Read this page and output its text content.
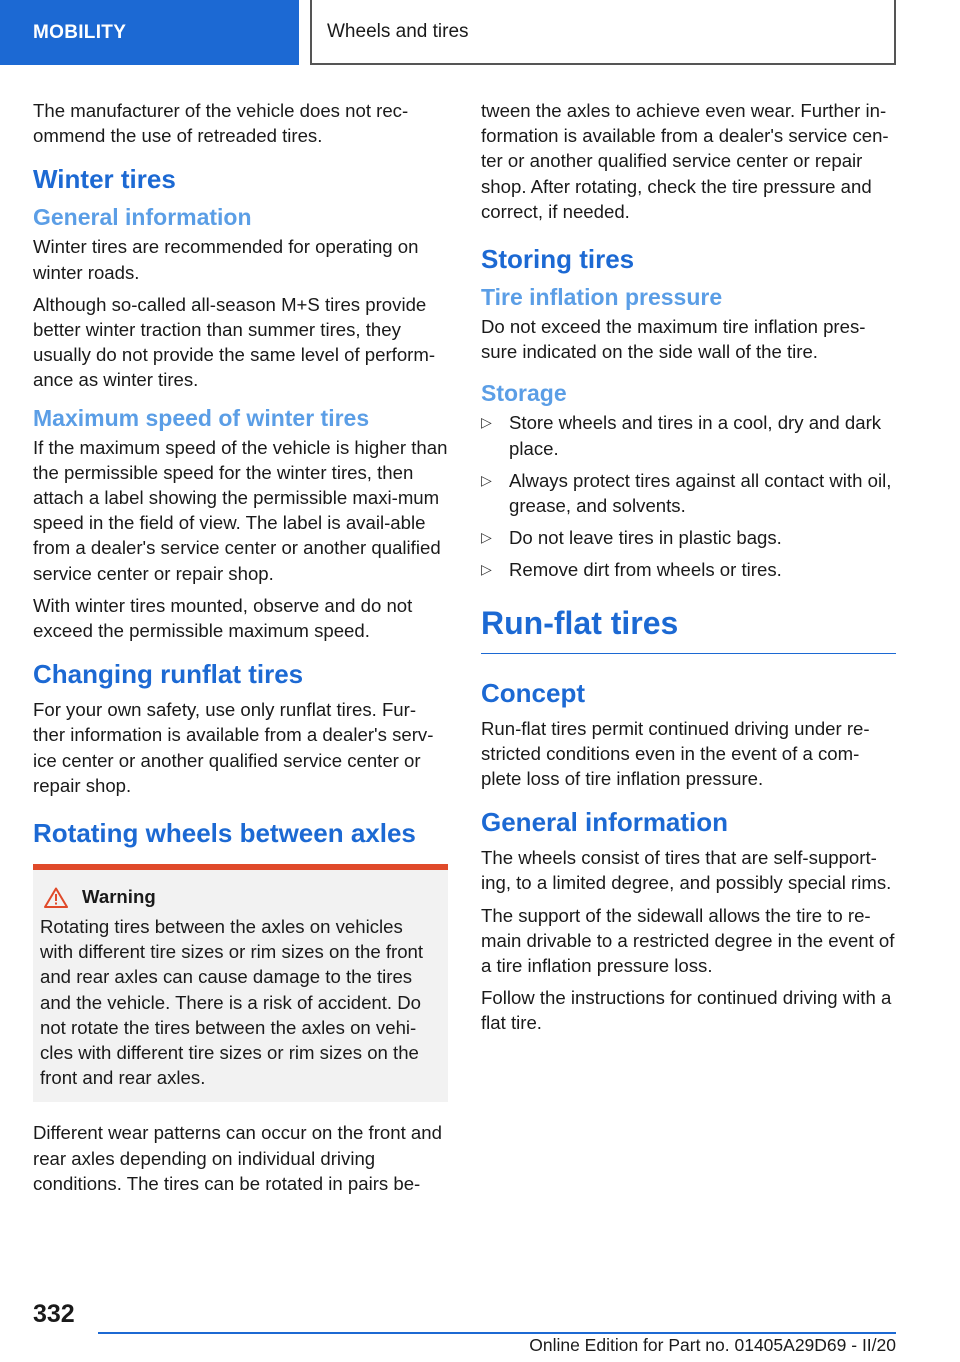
MOBILITY	Wheels and tires

The manufacturer of the vehicle does not rec-ommend the use of retreaded tires.

Winter tires
General information

Winter tires are recommended for operating on winter roads.

Although so-called all-season M+S tires provide better winter traction than summer tires, they usually do not provide the same level of perform-ance as winter tires.

Maximum speed of winter tires

If the maximum speed of the vehicle is higher than the permissible speed for the winter tires, then attach a label showing the permissible maxi-mum speed in the field of view. The label is avail-able from a dealer's service center or another qualified service center or repair shop.

With winter tires mounted, observe and do not exceed the permissible maximum speed.

Changing runflat tires

For your own safety, use only runflat tires. Fur-ther information is available from a dealer's serv-ice center or another qualified service center or repair shop.

Rotating wheels between axles
Warning

Rotating tires between the axles on vehicles with different tire sizes or rim sizes on the front and rear axles can cause damage to the tires and the vehicle. There is a risk of accident. Do not rotate the tires between the axles on vehi-cles with different tire sizes or rim sizes on the front and rear axles.

Different wear patterns can occur on the front and rear axles depending on individual driving conditions. The tires can be rotated in pairs be-

tween the axles to achieve even wear. Further in-formation is available from a dealer's service cen-ter or another qualified service center or repair shop. After rotating, check the tire pressure and correct, if needed.

Storing tires
Tire inflation pressure

Do not exceed the maximum tire inflation pres-sure indicated on the side wall of the tire.

Storage
▷ Store wheels and tires in a cool, dry and dark place.
▷ Always protect tires against all contact with oil, grease, and solvents.
▷ Do not leave tires in plastic bags.
▷ Remove dirt from wheels or tires.
Run-flat tires
Concept

Run-flat tires permit continued driving under re-stricted conditions even in the event of a com-plete loss of tire inflation pressure.

General information

The wheels consist of tires that are self-support-ing, to a limited degree, and possibly special rims.

The support of the sidewall allows the tire to re-main drivable to a restricted degree in the event of a tire inflation pressure loss.

Follow the instructions for continued driving with a flat tire.

332
Online Edition for Part no. 01405A29D69 - II/20
